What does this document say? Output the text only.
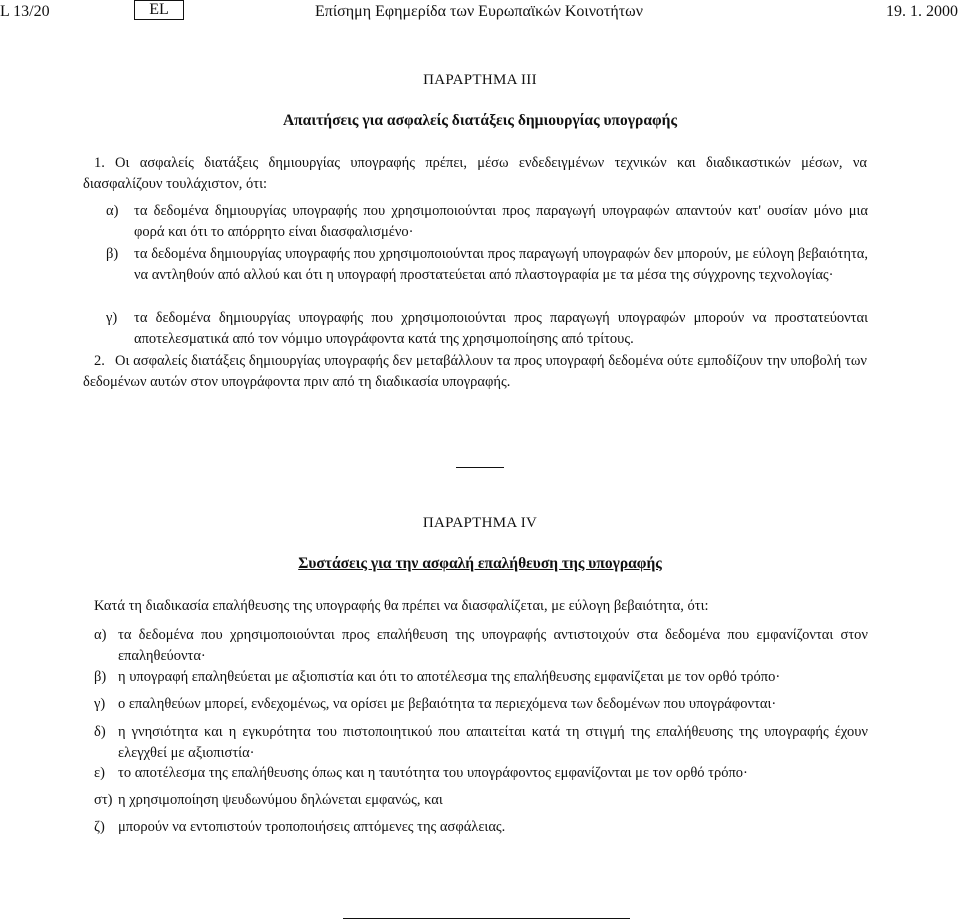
L 13/20	EL	Επίσημη Εφημερίδα των Ευρωπαϊκών Κοινοτήτων	19. 1. 2000
ΠΑΡΑΡΤΗΜΑ III
Απαιτήσεις για ασφαλείς διατάξεις δημιουργίας υπογραφής
1. Οι ασφαλείς διατάξεις δημιουργίας υπογραφής πρέπει, μέσω ενδεδειγμένων τεχνικών και διαδικαστικών μέσων, να διασφαλίζουν τουλάχιστον, ότι:
α)	τα δεδομένα δημιουργίας υπογραφής που χρησιμοποιούνται προς παραγωγή υπογραφών απαντούν κατ' ουσίαν μόνο μια φορά και ότι το απόρρητο είναι διασφαλισμένο·
β)	τα δεδομένα δημιουργίας υπογραφής που χρησιμοποιούνται προς παραγωγή υπογραφών δεν μπορούν, με εύλογη βεβαιότητα, να αντληθούν από αλλού και ότι η υπογραφή προστατεύεται από πλαστογραφία με τα μέσα της σύγχρονης τεχνολογίας·
γ)	τα δεδομένα δημιουργίας υπογραφής που χρησιμοποιούνται προς παραγωγή υπογραφών μπορούν να προστατεύονται αποτελεσματικά από τον νόμιμο υπογράφοντα κατά της χρησιμοποίησης από τρίτους.
2. Οι ασφαλείς διατάξεις δημιουργίας υπογραφής δεν μεταβάλλουν τα προς υπογραφή δεδομένα ούτε εμποδίζουν την υποβολή των δεδομένων αυτών στον υπογράφοντα πριν από τη διαδικασία υπογραφής.
ΠΑΡΑΡΤΗΜΑ IV
Συστάσεις για την ασφαλή επαλήθευση της υπογραφής
Κατά τη διαδικασία επαλήθευσης της υπογραφής θα πρέπει να διασφαλίζεται, με εύλογη βεβαιότητα, ότι:
α) τα δεδομένα που χρησιμοποιούνται προς επαλήθευση της υπογραφής αντιστοιχούν στα δεδομένα που εμφανίζονται στον επαληθεύοντα·
β) η υπογραφή επαληθεύεται με αξιοπιστία και ότι το αποτέλεσμα της επαλήθευσης εμφανίζεται με τον ορθό τρόπο·
γ) ο επαληθεύων μπορεί, ενδεχομένως, να ορίσει με βεβαιότητα τα περιεχόμενα των δεδομένων που υπογράφονται·
δ) η γνησιότητα και η εγκυρότητα του πιστοποιητικού που απαιτείται κατά τη στιγμή της επαλήθευσης της υπογραφής έχουν ελεγχθεί με αξιοπιστία·
ε) το αποτέλεσμα της επαλήθευσης όπως και η ταυτότητα του υπογράφοντος εμφανίζονται με τον ορθό τρόπο·
στ) η χρησιμοποίηση ψευδωνύμου δηλώνεται εμφανώς, και
ζ) μπορούν να εντοπιστούν τροποποιήσεις απτόμενες της ασφάλειας.
